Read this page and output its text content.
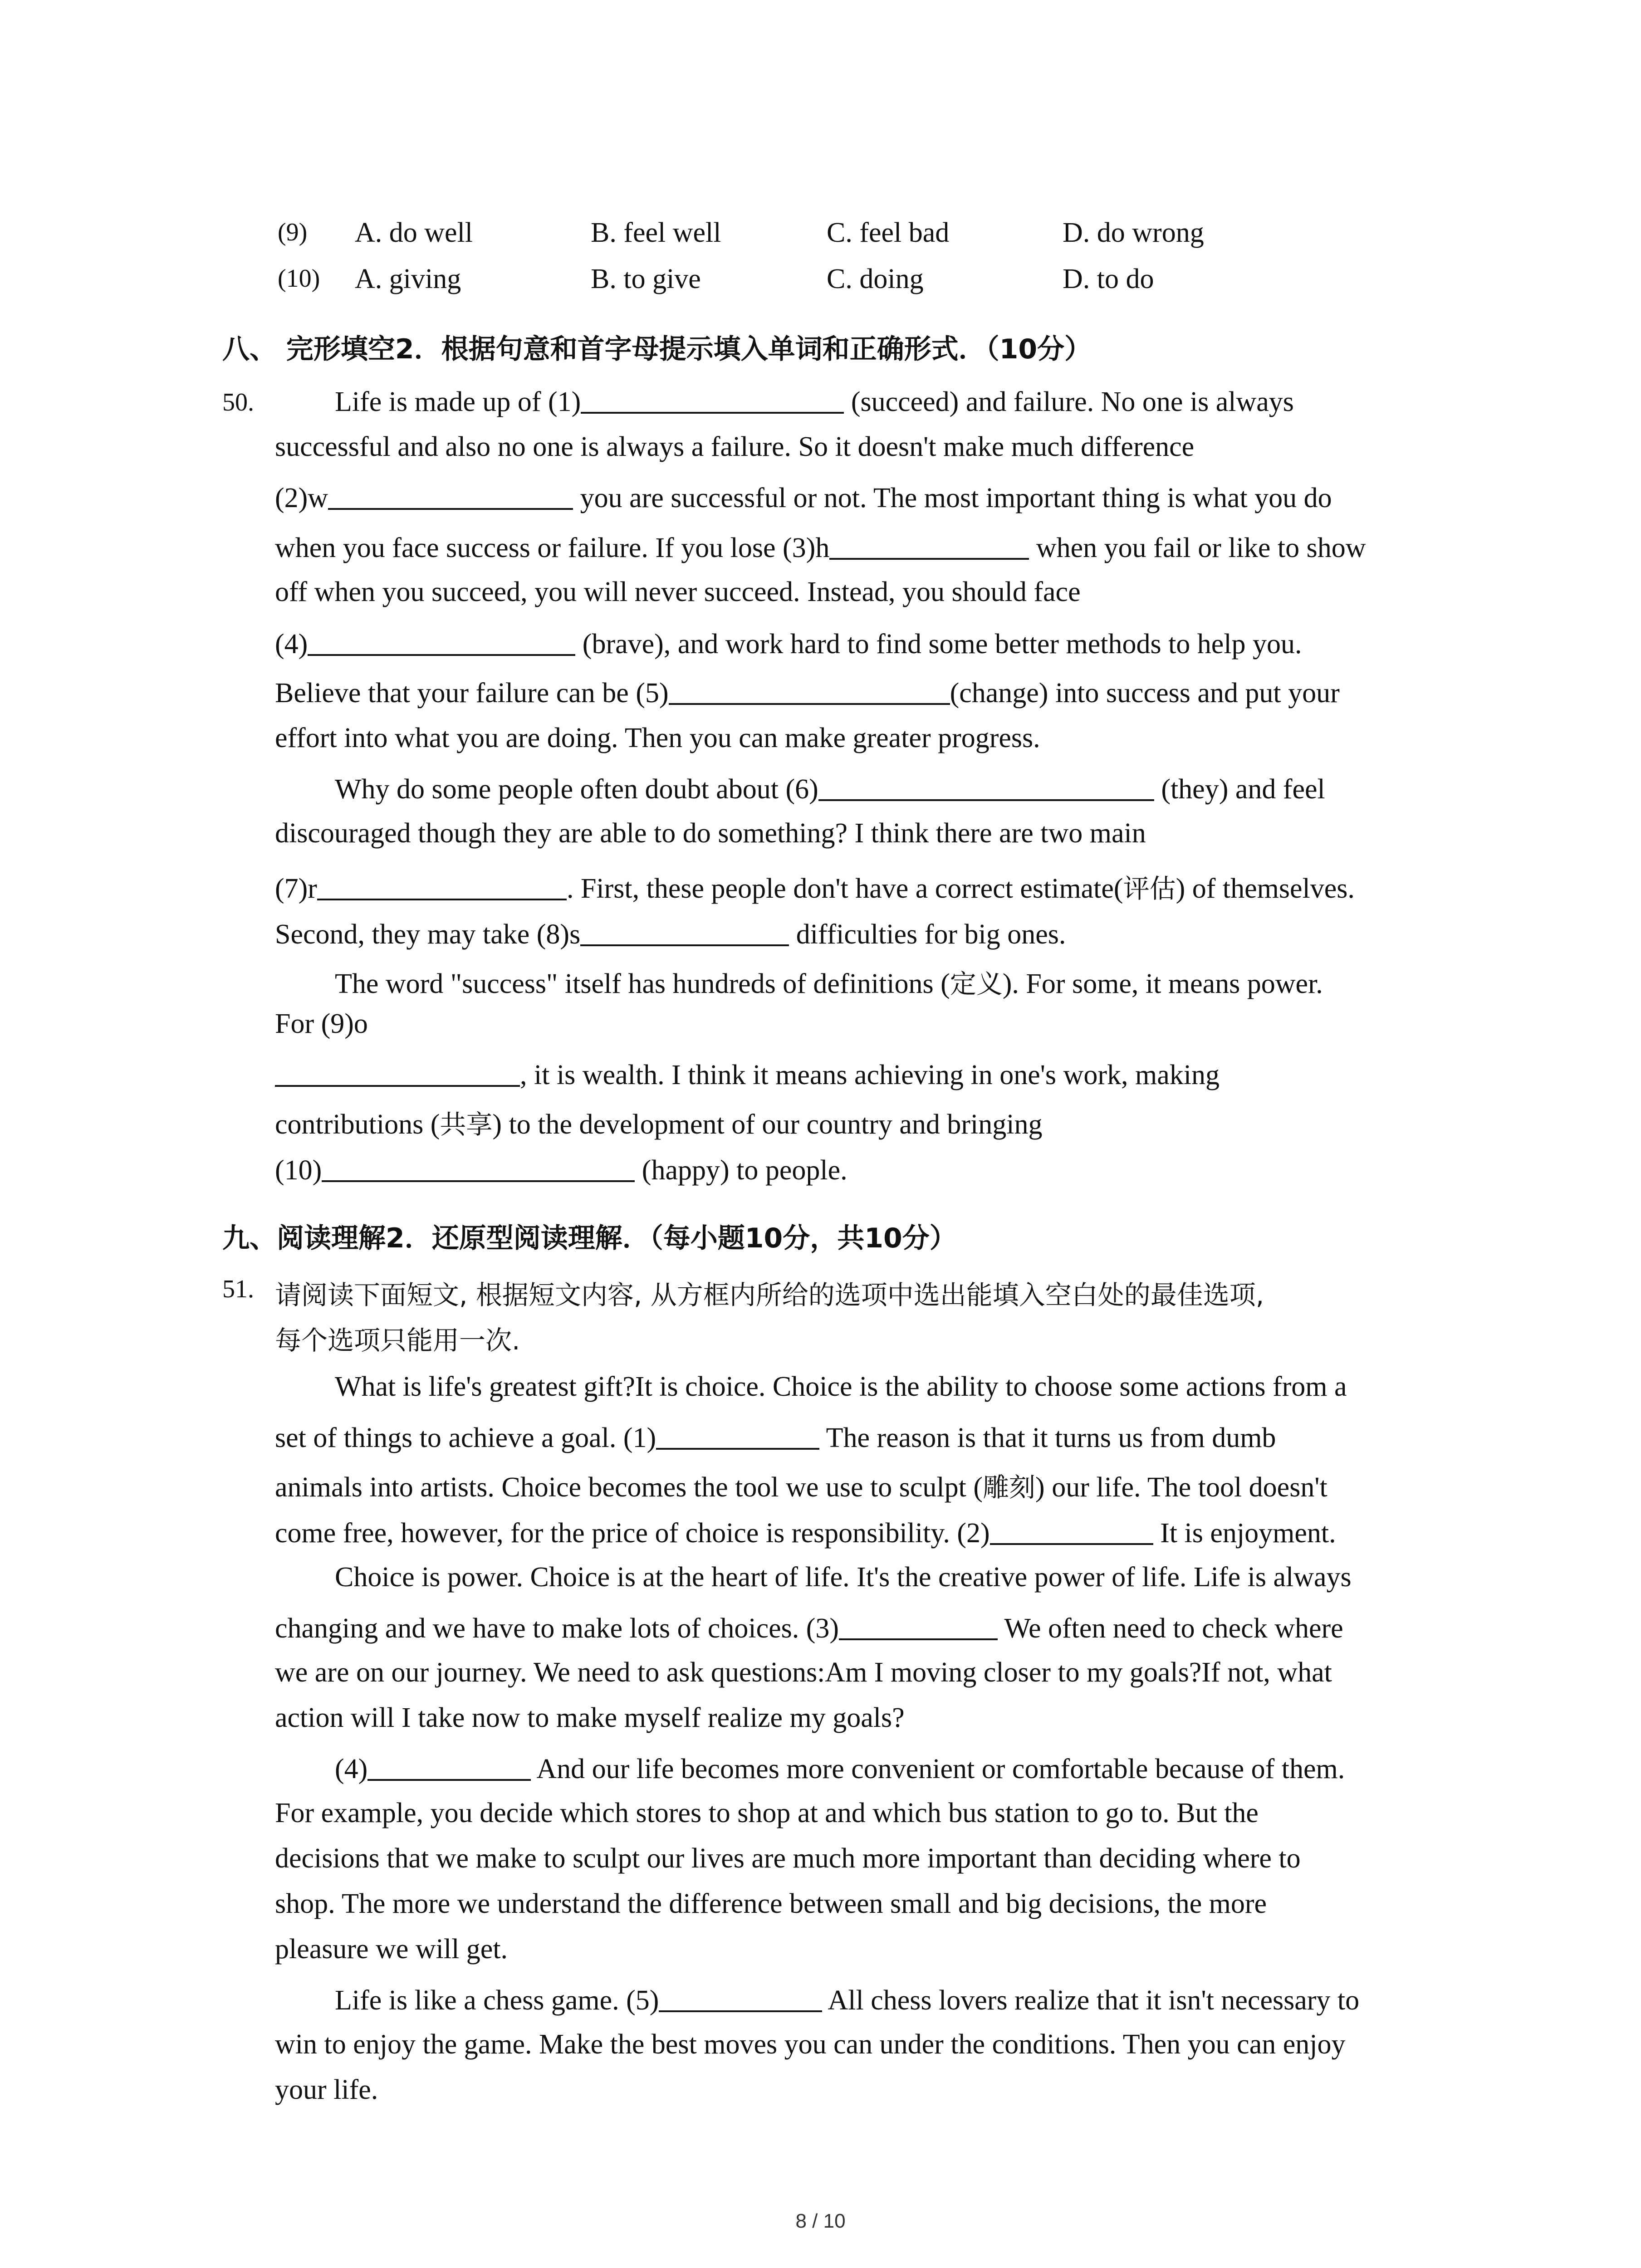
(9) A. do well	B. feel well	C. feel bad	D. do wrong
(10) A. giving	B. to give	C. doing	D. to do
八、 完形填空2．根据句意和首字母提示填入单词和正确形式．（10分）
50.	Life is made up of (1)	(succeed) and failure. No one is always
successful and also no one is always a failure. So it doesn't make much difference
(2)w	you are successful or not. The most important thing is what you do
when you face success or failure. If you lose (3)h	when you fail or like to show
off when you succeed, you will never succeed. Instead, you should face
(4)	(brave), and work hard to find some better methods to help you.
Believe that your failure can be (5)	(change) into success and put your
effort into what you are doing. Then you can make greater progress.
Why do some people often doubt about (6)	(they) and feel
discouraged though they are able to do something? I think there are two main
(7)r	. First, these people don't have a correct estimate(评估) of themselves.
Second, they may take (8)s	difficulties for big ones.
The word "success" itself has hundreds of definitions (定义). For some, it means power.
For (9)o
, it is wealth. I think it means achieving in one's work, making
contributions (共享) to the development of our country and bringing
(10)	(happy) to people.
九、阅读理解2．还原型阅读理解．（每小题10分，共10分）
51. 请阅读下面短文, 根据短文内容, 从方框内所给的选项中选出能填入空白处的最佳选项,
每个选项只能用一次.
What is life's greatest gift?It is choice. Choice is the ability to choose some actions from a
set of things to achieve a goal. (1)	The reason is that it turns us from dumb
animals into artists. Choice becomes the tool we use to sculpt (雕刻) our life. The tool doesn't
come free, however, for the price of choice is responsibility. (2)	It is enjoyment.
Choice is power. Choice is at the heart of life. It's the creative power of life. Life is always
changing and we have to make lots of choices. (3)	We often need to check where
we are on our journey. We need to ask questions:Am I moving closer to my goals?If not, what
action will I take now to make myself realize my goals?
(4)	And our life becomes more convenient or comfortable because of them.
For example, you decide which stores to shop at and which bus station to go to. But the
decisions that we make to sculpt our lives are much more important than deciding where to
shop. The more we understand the difference between small and big decisions, the more
pleasure we will get.
Life is like a chess game. (5)	All chess lovers realize that it isn't necessary to
win to enjoy the game. Make the best moves you can under the conditions. Then you can enjoy
your life.
8 / 10
